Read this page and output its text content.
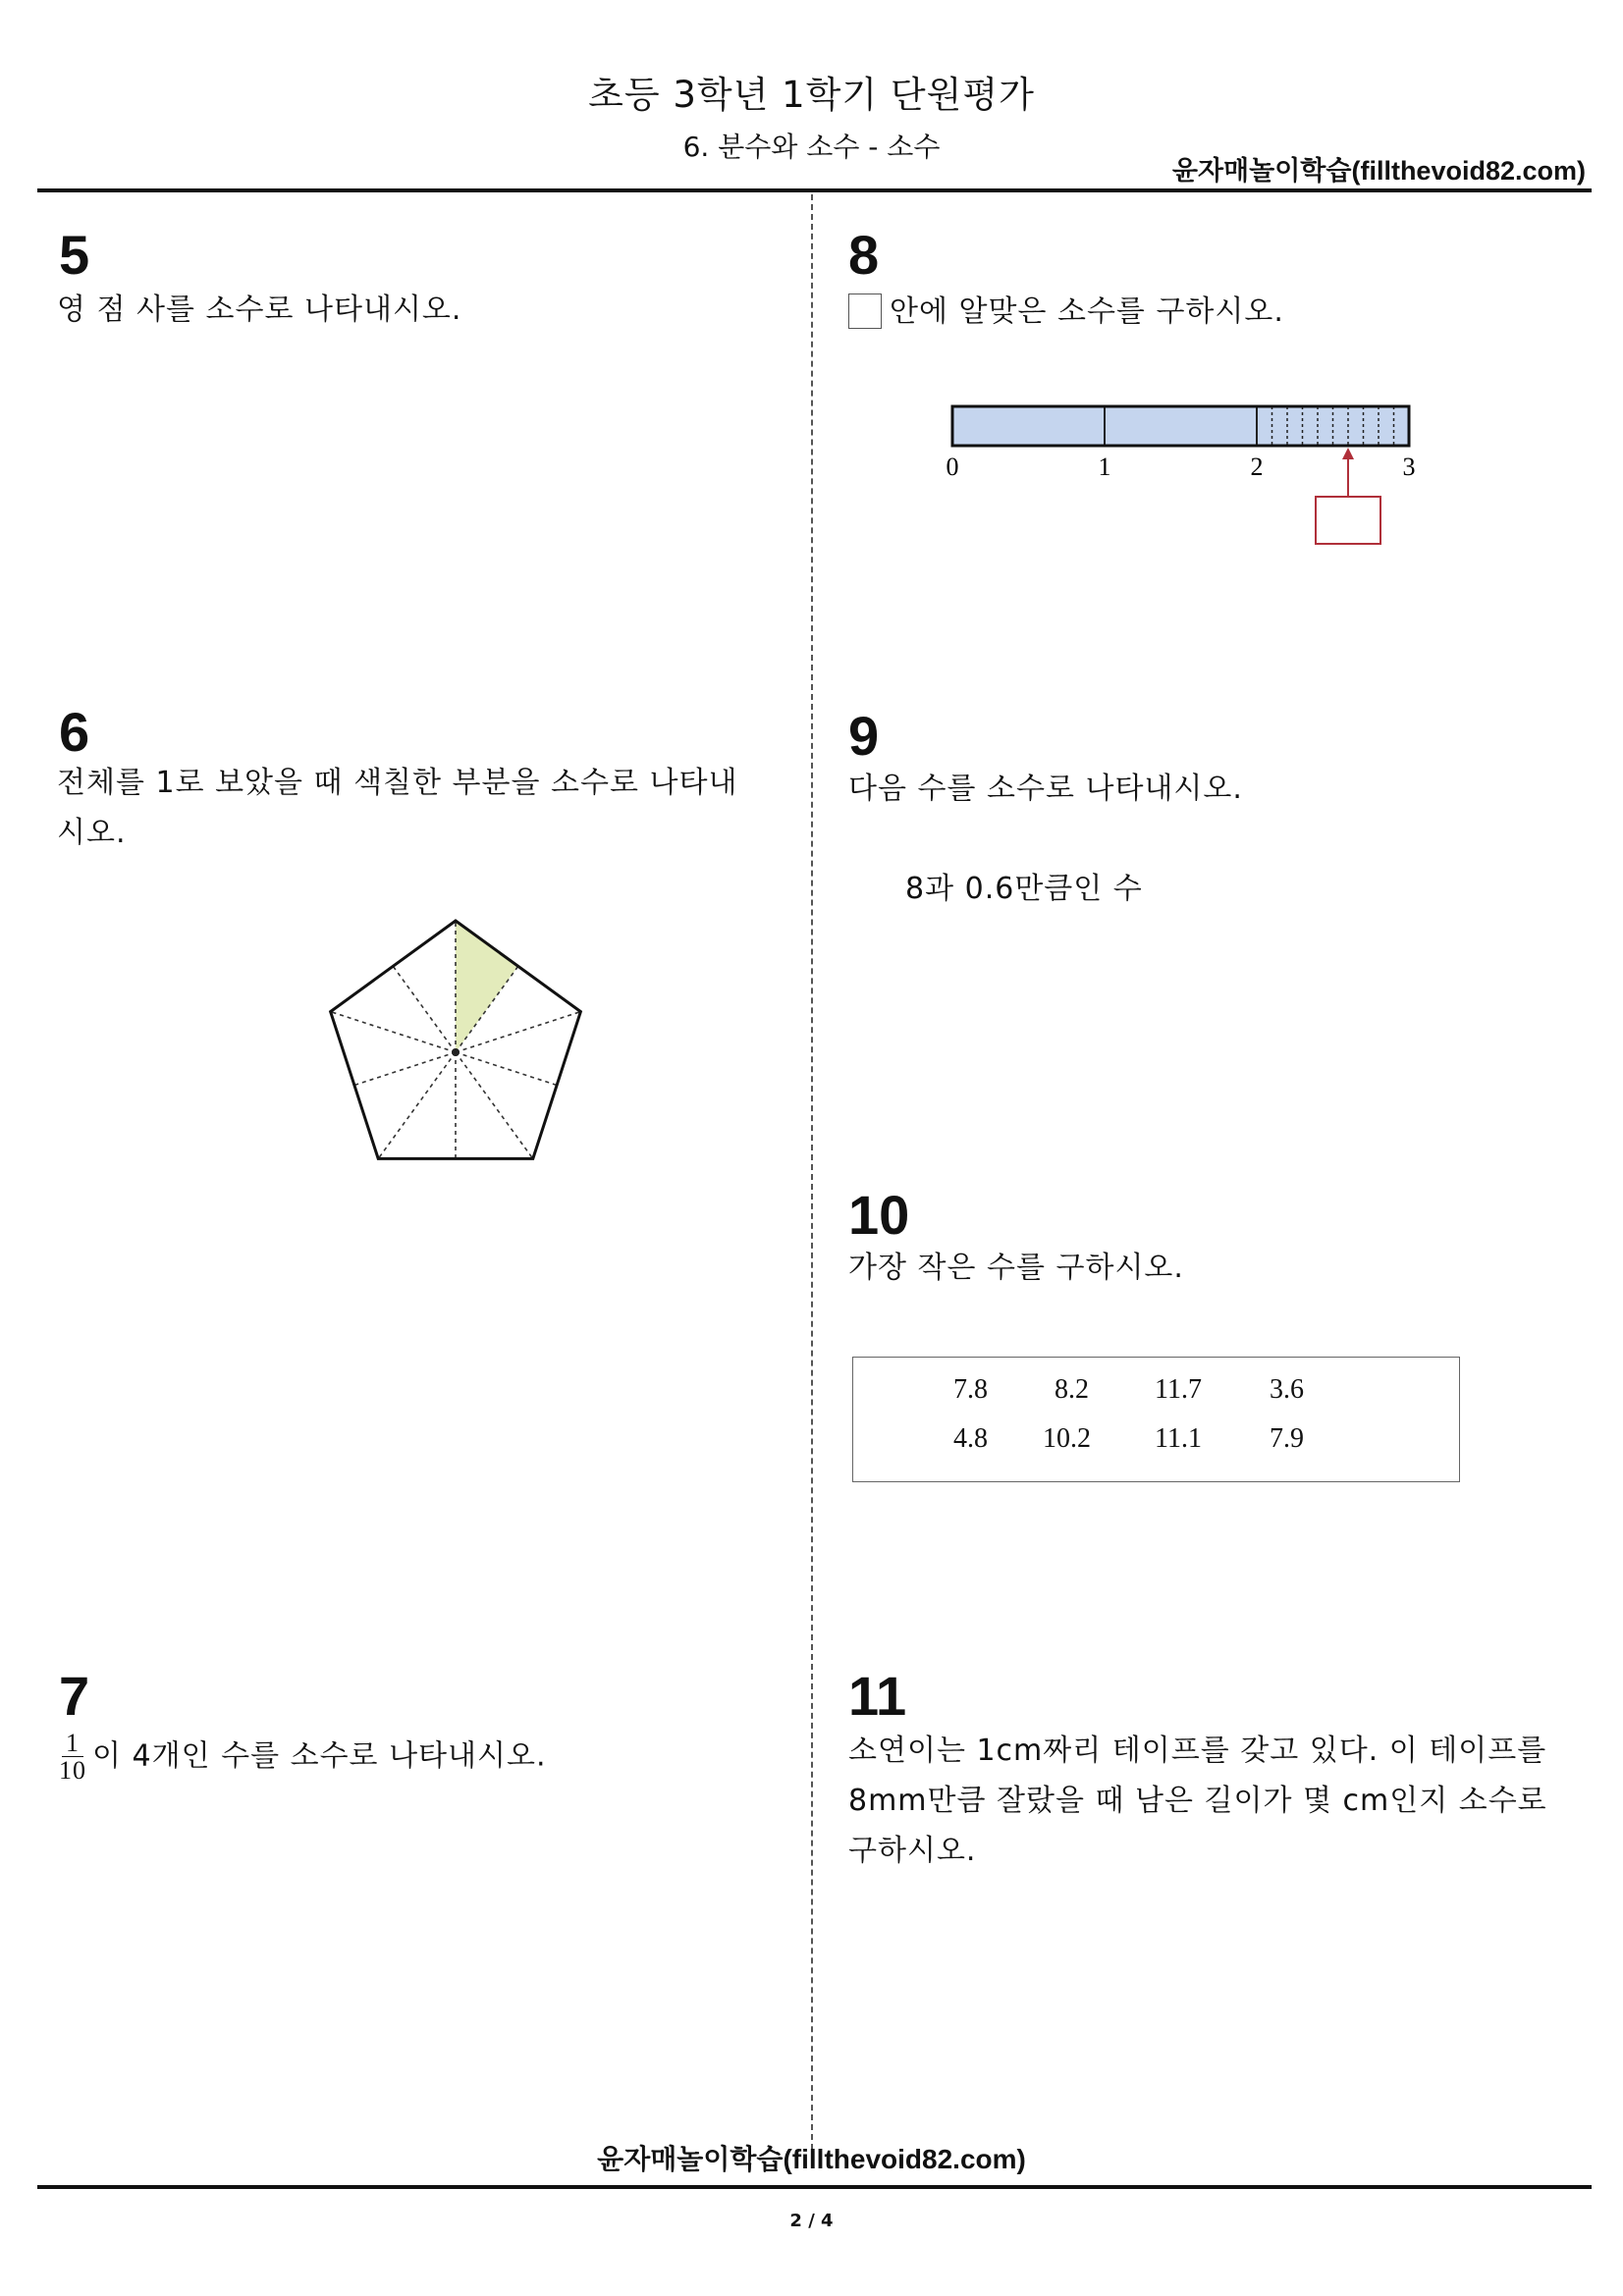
초등 3학년 1학기 단원평가
6. 분수와 소수 - 소수
윤자매놀이학습(fillthevoid82.com)
5
영 점 사를 소수로 나타내시오.
6
전체를 1로 보았을 때 색칠한 부분을 소수로 나타내
시오.
7
$\frac{1}{10}$ 이 4개인 수를 소수로 나타내시오.
8
안에 알맞은 소수를 구하시오.
0	1	2	3
9
다음 수를 소수로 나타내시오.
8과 0.6만큼인 수
10
가장 작은 수를 구하시오.
7.8 8.2 11.7 3.6
4.8 10.2 11.1 7.9
11
소연이는 1cm짜리 테이프를 갖고 있다. 이 테이프를
8mm만큼 잘랐을 때 남은 길이가 몇 cm인지 소수로
구하시오.
윤자매놀이학습(fillthevoid82.com)
2 / 4
